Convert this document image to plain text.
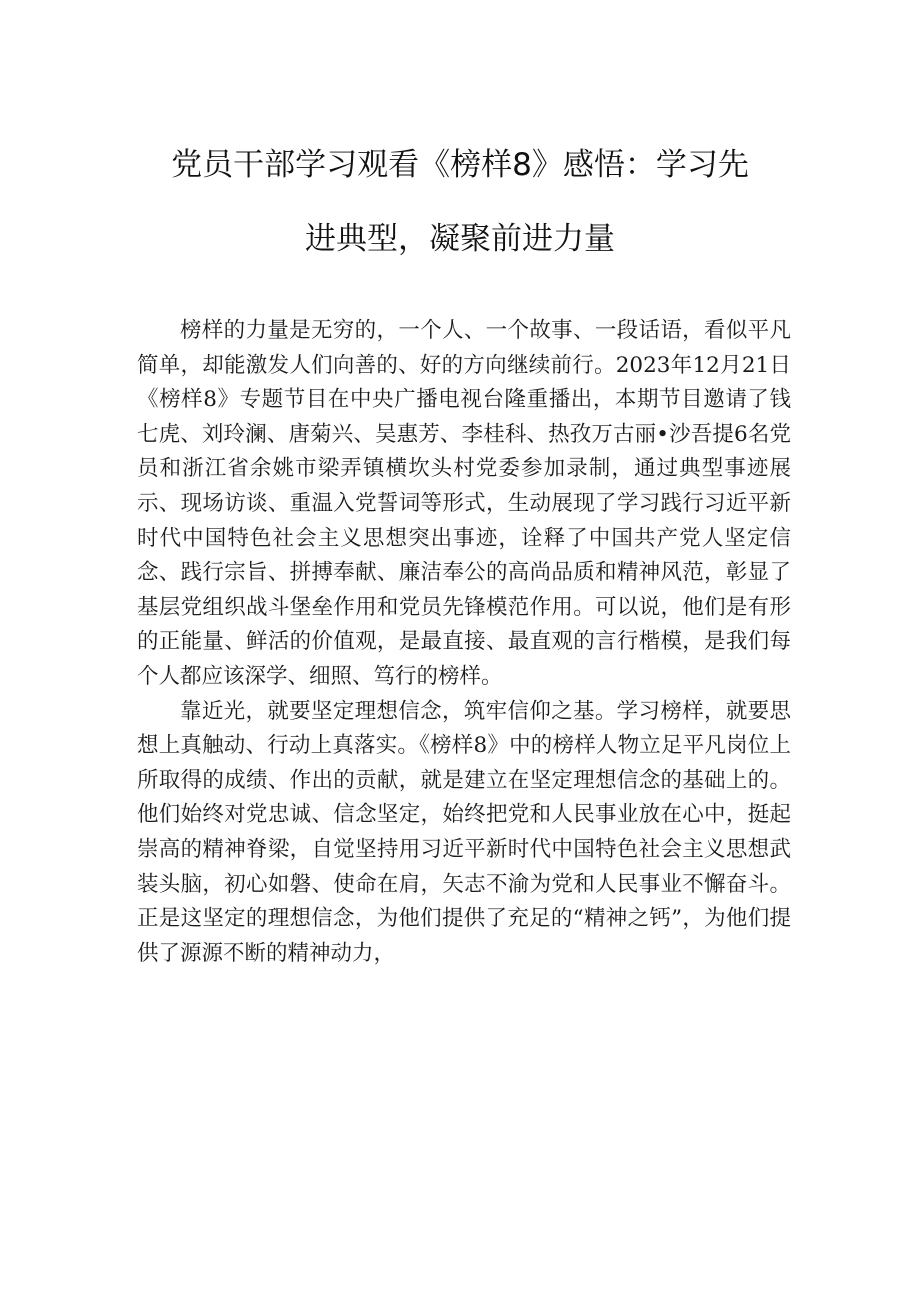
党员干部学习观看《榜样8》感悟：学习先
进典型，凝聚前进力量

榜样的力量是无穷的，一个人、一个故事、一段话语，看似平凡简单，却能激发人们向善的、好的方向继续前行。2023年12月21日《榜样8》专题节目在中央广播电视台隆重播出，本期节目邀请了钱七虎、刘玲澜、唐菊兴、吴惠芳、李桂科、热孜万古丽•沙吾提6名党员和浙江省余姚市梁弄镇横坎头村党委参加录制，通过典型事迹展示、现场访谈、重温入党誓词等形式，生动展现了学习践行习近平新时代中国特色社会主义思想突出事迹，诠释了中国共产党人坚定信念、践行宗旨、拼搏奉献、廉洁奉公的高尚品质和精神风范，彰显了基层党组织战斗堡垒作用和党员先锋模范作用。可以说，他们是有形的正能量、鲜活的价值观，是最直接、最直观的言行楷模，是我们每个人都应该深学、细照、笃行的榜样。

靠近光，就要坚定理想信念，筑牢信仰之基。学习榜样，就要思想上真触动、行动上真落实。《榜样8》中的榜样人物立足平凡岗位上所取得的成绩、作出的贡献，就是建立在坚定理想信念的基础上的。他们始终对党忠诚、信念坚定，始终把党和人民事业放在心中，挺起崇高的精神脊梁，自觉坚持用习近平新时代中国特色社会主义思想武装头脑，初心如磐、使命在肩，矢志不渝为党和人民事业不懈奋斗。正是这坚定的理想信念，为他们提供了充足的“精神之钙”，为他们提供了源源不断的精神动力，
